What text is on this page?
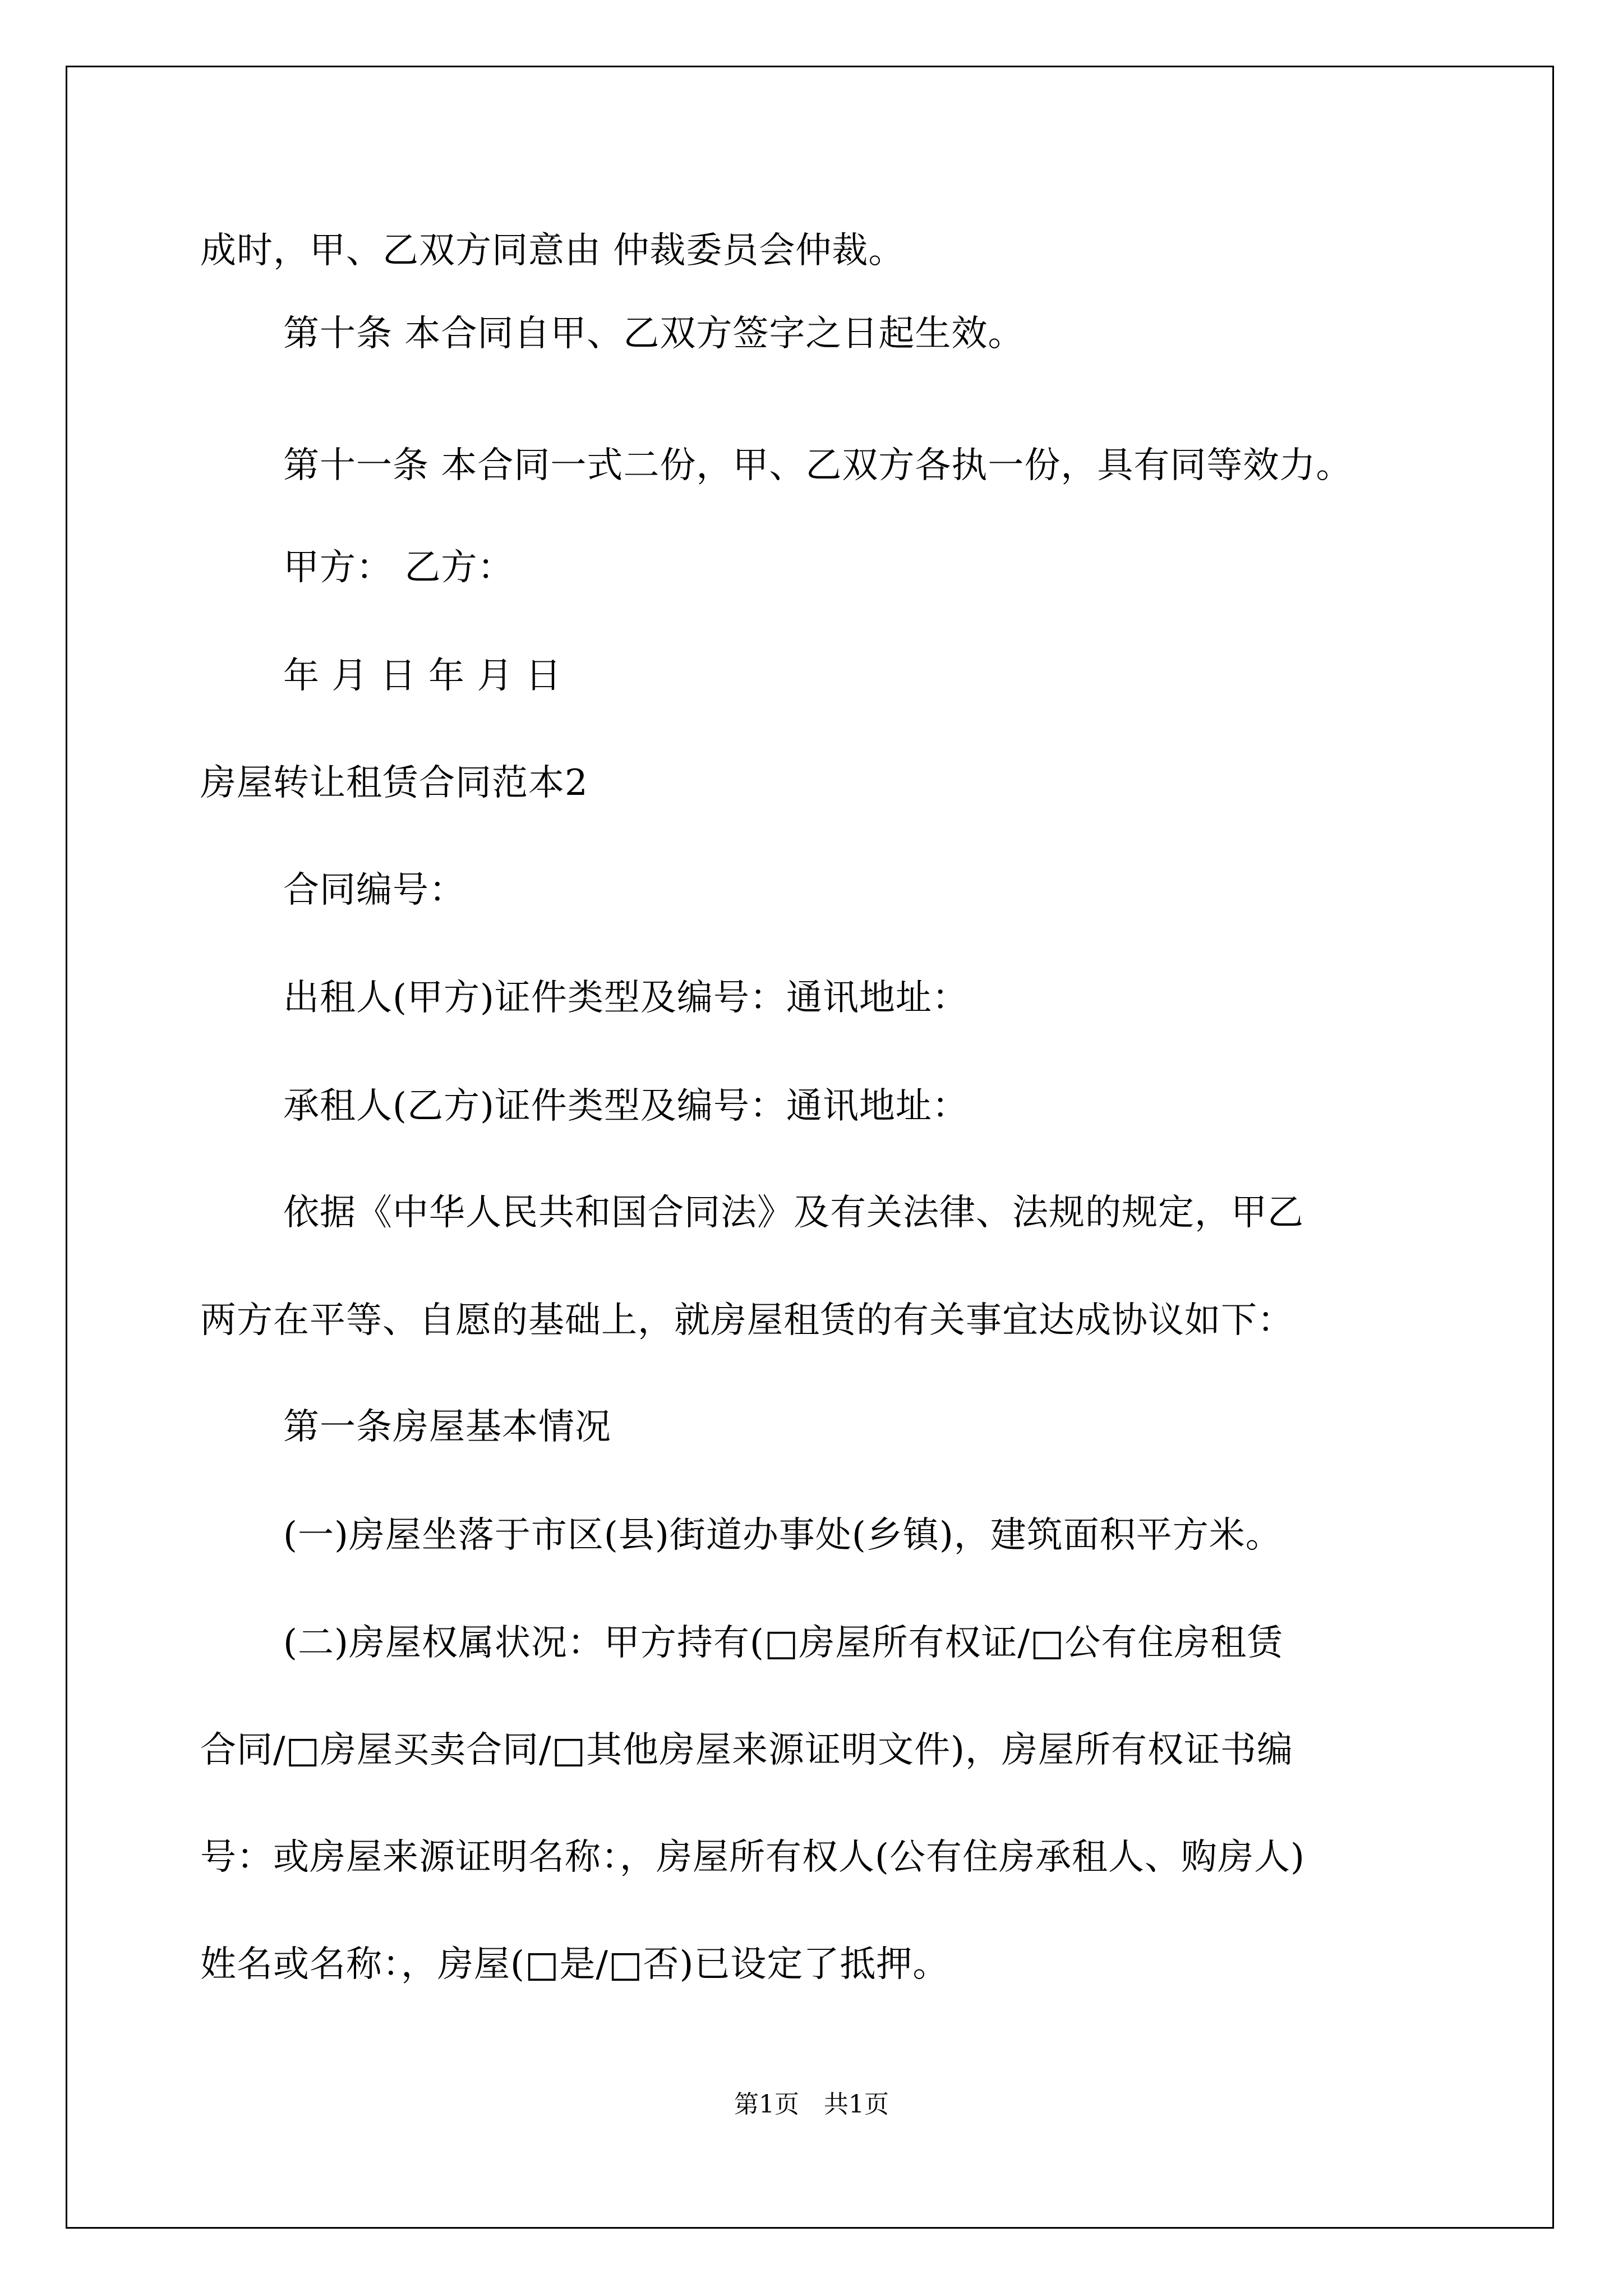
成时，甲、乙双方同意由 仲裁委员会仲裁。

第十条 本合同自甲、乙双方签字之日起生效。

第十一条 本合同一式二份，甲、乙双方各执一份，具有同等效力。

甲方： 乙方：

年 月 日 年 月 日

房屋转让租赁合同范本2

合同编号：

出租人(甲方)证件类型及编号：通讯地址：

承租人(乙方)证件类型及编号：通讯地址：

依据《中华人民共和国合同法》及有关法律、法规的规定，甲乙

两方在平等、自愿的基础上，就房屋租赁的有关事宜达成协议如下：

第一条房屋基本情况

(一)房屋坐落于市区(县)街道办事处(乡镇)，建筑面积平方米。

(二)房屋权属状况：甲方持有(□房屋所有权证/□公有住房租赁

合同/□房屋买卖合同/□其他房屋来源证明文件)，房屋所有权证书编

号：或房屋来源证明名称：，房屋所有权人(公有住房承租人、购房人)

姓名或名称：，房屋(□是/□否)已设定了抵押。

第1页　共1页
